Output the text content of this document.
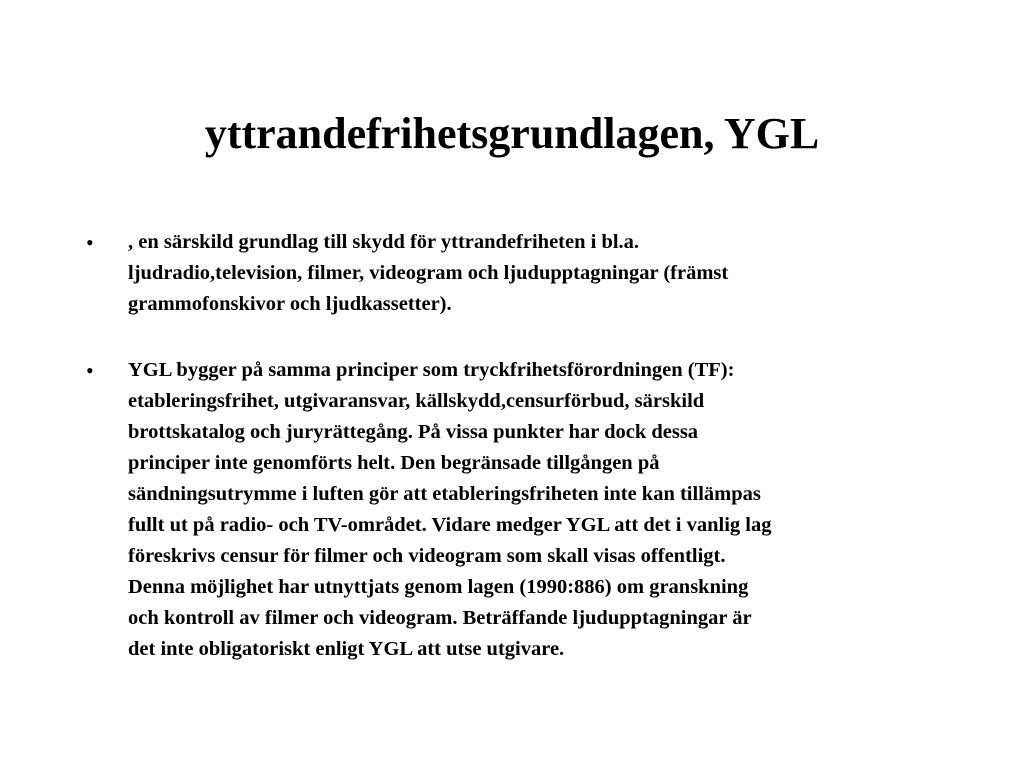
yttrandefrihetsgrundlagen, YGL
•	, en särskild grundlag till skydd för yttrandefriheten i bl.a.
ljudradio,television, filmer, videogram och ljudupptagningar (främst
grammofonskivor och ljudkassetter).
•	YGL bygger på samma principer som tryckfrihetsförordningen (TF):
etableringsfrihet, utgivaransvar, källskydd,censurförbud, särskild
brottskatalog och juryrättegång. På vissa punkter har dock dessa
principer inte genomförts helt. Den begränsade tillgången på
sändningsutrymme i luften gör att etableringsfriheten inte kan tillämpas
fullt ut på radio- och TV-området. Vidare medger YGL att det i vanlig lag
föreskrivs censur för filmer och videogram som skall visas offentligt.
Denna möjlighet har utnyttjats genom lagen (1990:886) om granskning
och kontroll av filmer och videogram. Beträffande ljudupptagningar är
det inte obligatoriskt enligt YGL att utse utgivare.
